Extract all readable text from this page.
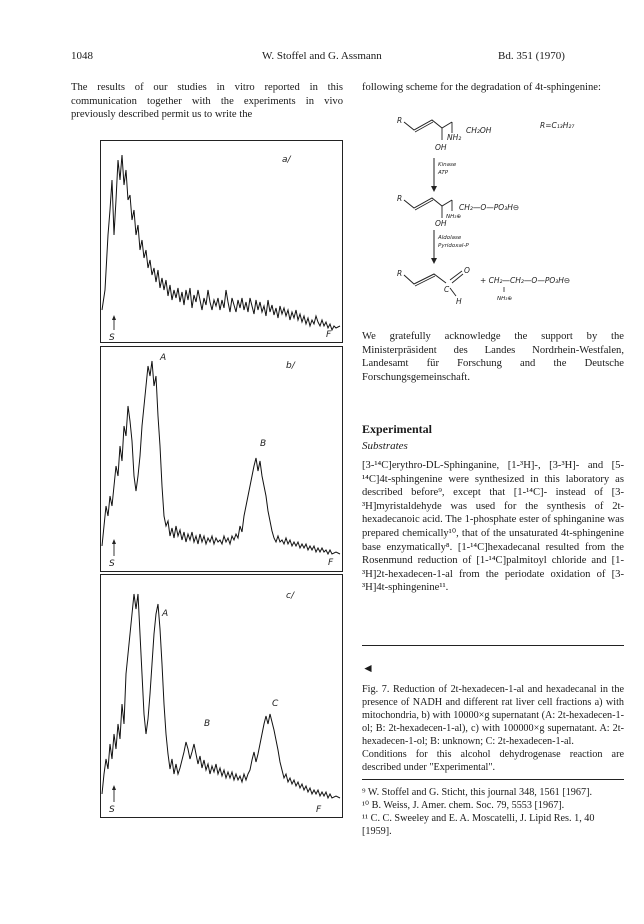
1048	W. Stoffel and G. Assmann	Bd. 351 (1970)
The results of our studies in vitro reported in this communication together with the experiments in vivo previously described permit us to write the
following scheme for the degradation of 4t-sphingenine:
R
OH
NH₂
CH₂OH
R=C₁₃H₂₇
Kinase
ATP
R
OH
NH₃⊕
CH₂—O—PO₃H⊖
Aldolase
Pyridoxal-P
R	O
C
H
+ CH₂—CH₂—O—PO₃H⊖
NH₃⊕
a/
S	F
b/
A
B
S	F
c/
A
B
C
S	F
We gratefully acknowledge the support by the Ministerpräsident des Landes Nordrhein-Westfalen, Landesamt für Forschung and the Deutsche Forschungsgemeinschaft.
Experimental
Substrates
[3-¹⁴C]erythro-DL-Sphinganine, [1-³H]-, [3-³H]- and [5-¹⁴C]4t-sphingenine were synthesized in this laboratory as described before⁹, except that [1-¹⁴C]- instead of [3-³H]myristaldehyde was used for the synthesis of 2t-hexadecanoic acid. The 1-phosphate ester of sphinganine was prepared chemically¹⁰, that of the unsaturated 4t-sphingenine base enzymatically⁸. [1-¹⁴C]hexadecanal resulted from the Rosenmund reduction of [1-¹⁴C]palmitoyl chloride and [1-³H]2t-hexadecen-1-al from the periodate oxidation of [3-³H]4t-sphingenine¹¹.
◄
Fig. 7. Reduction of 2t-hexadecen-1-al and hexadecanal in the presence of NADH and different rat liver cell fractions a) with mitochondria, b) with 10000×g supernatant (A: 2t-hexadecen-1-ol; B: 2t-hexadecen-1-al), c) with 100000×g supernatant. A: 2t-hexadecen-1-ol; B: unknown; C: 2t-hexadecen-1-al.
Conditions for this alcohol dehydrogenase reaction are described under "Experimental".

⁹ W. Stoffel and G. Sticht, this journal 348, 1561 [1967].

¹⁰ B. Weiss, J. Amer. chem. Soc. 79, 5553 [1967].

¹¹ C. C. Sweeley and E. A. Moscatelli, J. Lipid Res. 1, 40 [1959].
